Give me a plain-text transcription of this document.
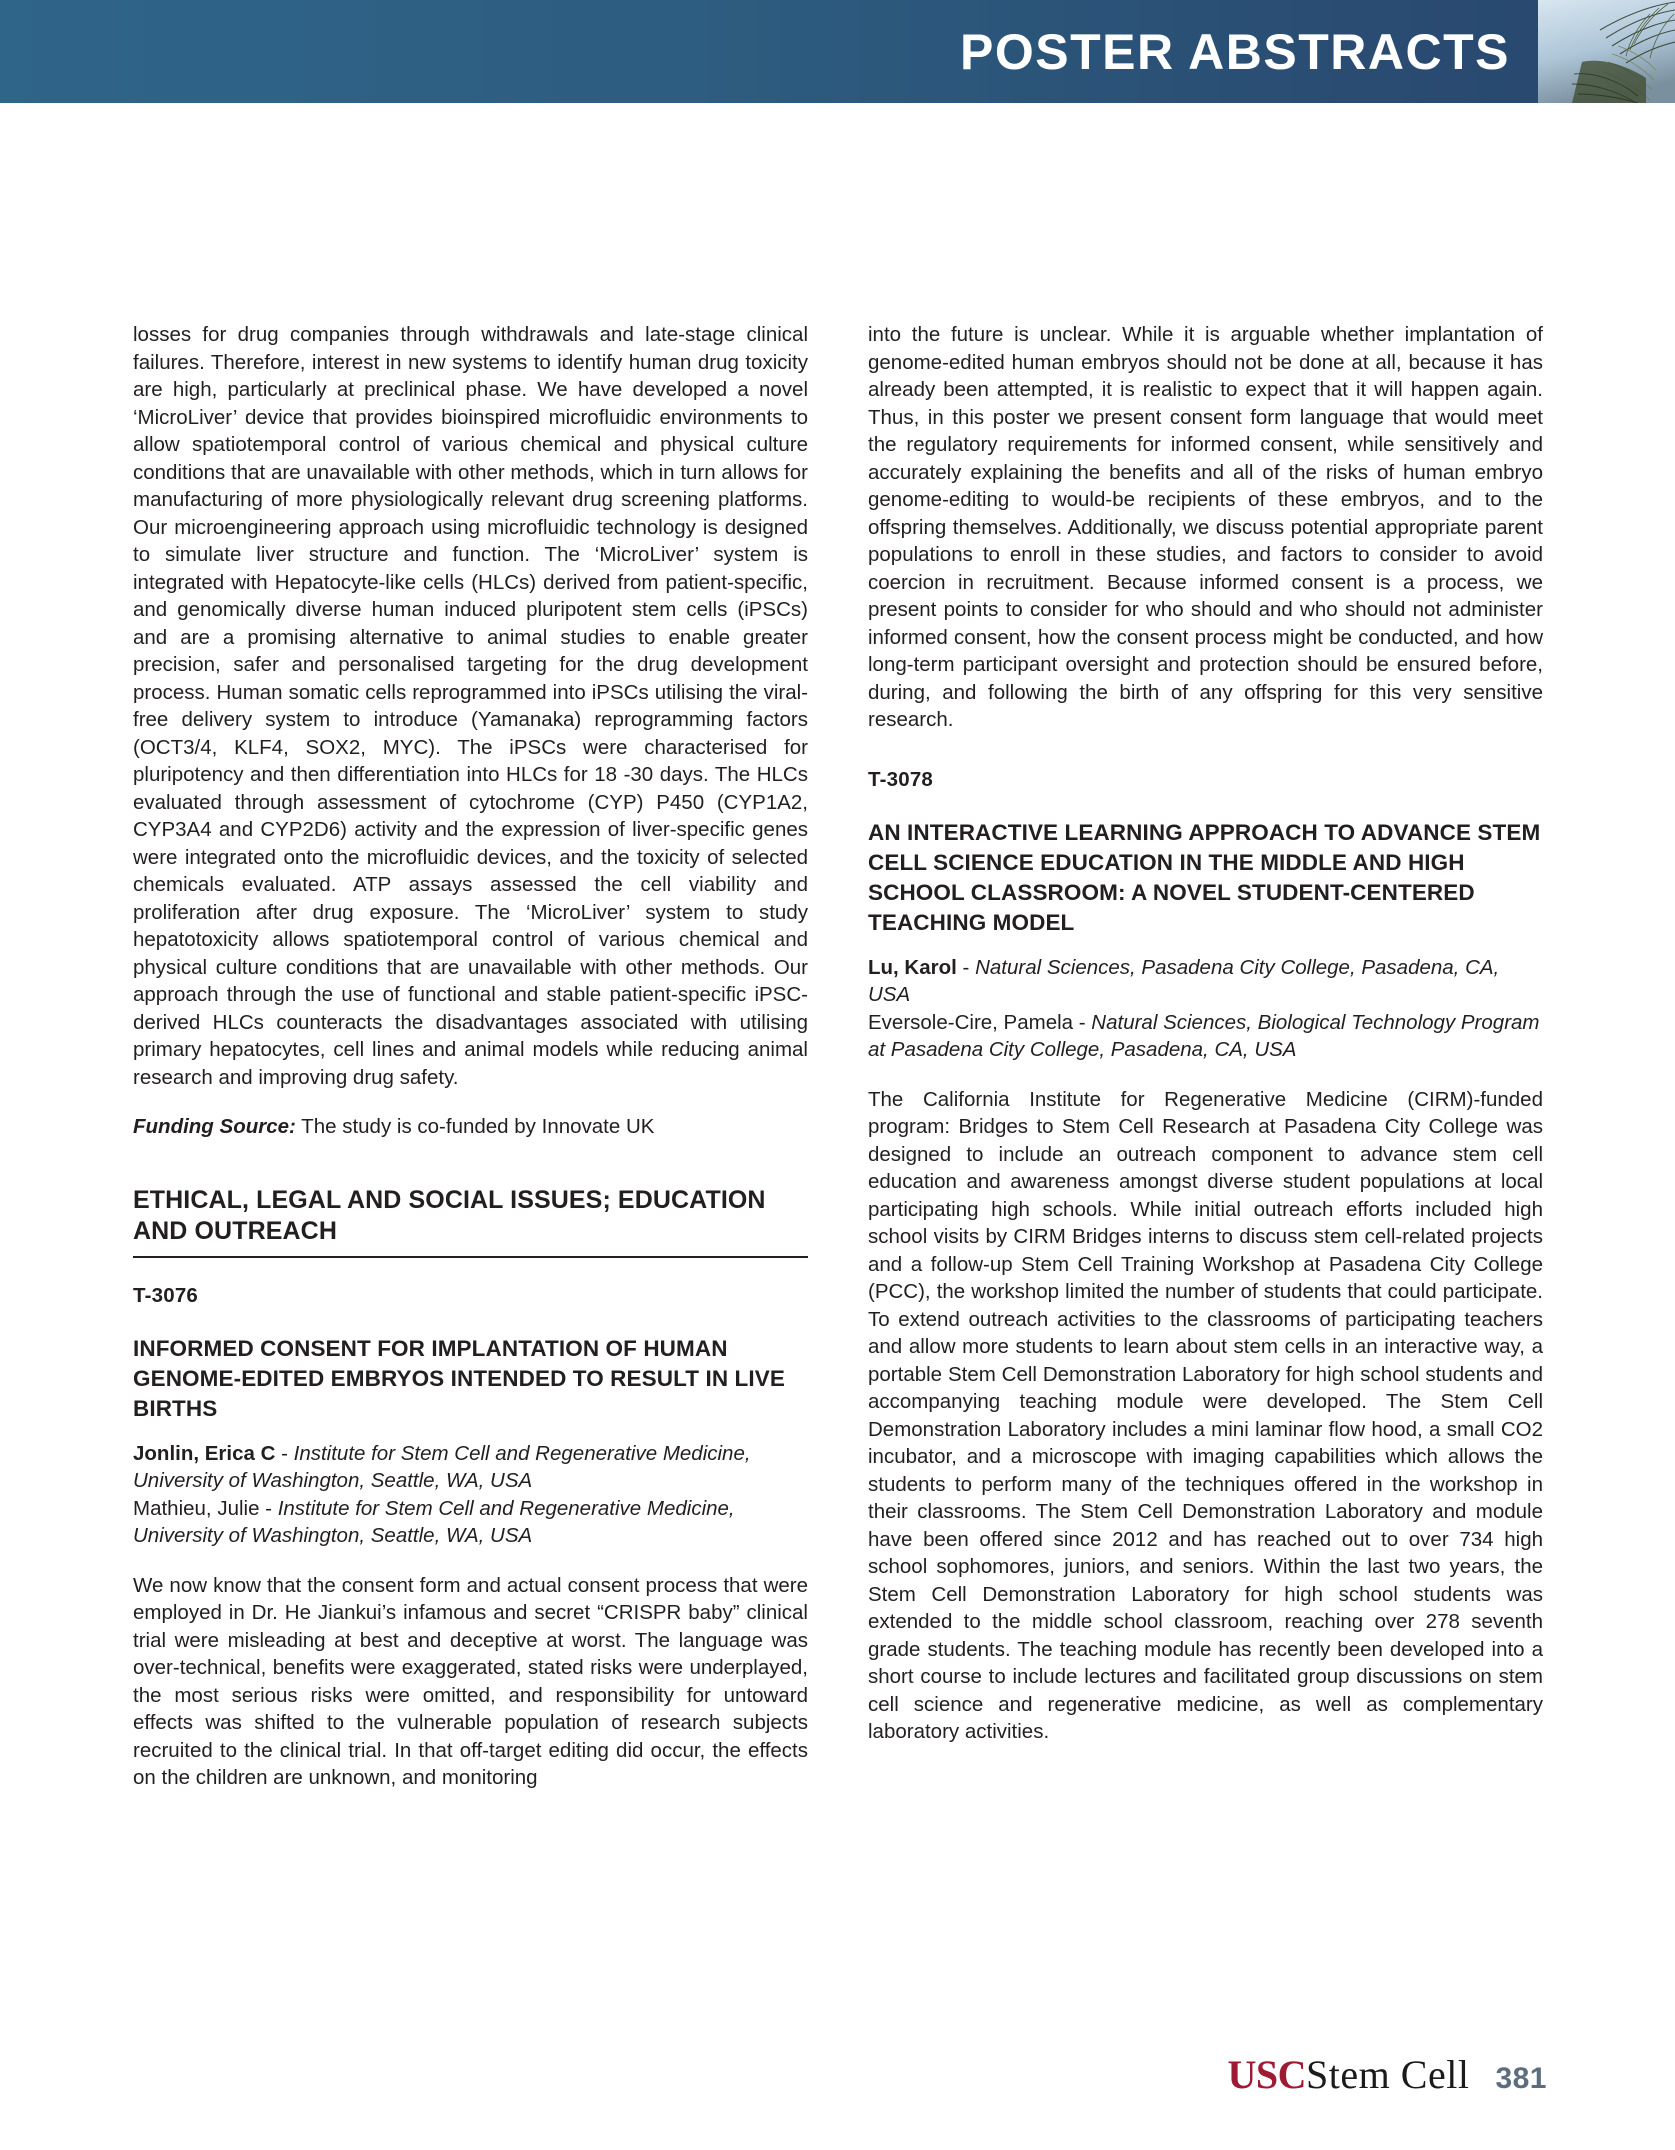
POSTER ABSTRACTS

losses for drug companies through withdrawals and late-stage clinical failures. Therefore, interest in new systems to identify human drug toxicity are high, particularly at preclinical phase. We have developed a novel ‘MicroLiver’ device that provides bioinspired microfluidic environments to allow spatiotemporal control of various chemical and physical culture conditions that are unavailable with other methods, which in turn allows for manufacturing of more physiologically relevant drug screening platforms. Our microengineering approach using microfluidic technology is designed to simulate liver structure and function. The ‘MicroLiver’ system is integrated with Hepatocyte-like cells (HLCs) derived from patient-specific, and genomically diverse human induced pluripotent stem cells (iPSCs) and are a promising alternative to animal studies to enable greater precision, safer and personalised targeting for the drug development process. Human somatic cells reprogrammed into iPSCs utilising the viral-free delivery system to introduce (Yamanaka) reprogramming factors (OCT3/4, KLF4, SOX2, MYC). The iPSCs were characterised for pluripotency and then differentiation into HLCs for 18 -30 days. The HLCs evaluated through assessment of cytochrome (CYP) P450 (CYP1A2, CYP3A4 and CYP2D6) activity and the expression of liver-specific genes were integrated onto the microfluidic devices, and the toxicity of selected chemicals evaluated. ATP assays assessed the cell viability and proliferation after drug exposure. The ‘MicroLiver’ system to study hepatotoxicity allows spatiotemporal control of various chemical and physical culture conditions that are unavailable with other methods. Our approach through the use of functional and stable patient-specific iPSC-derived HLCs counteracts the disadvantages associated with utilising primary hepatocytes, cell lines and animal models while reducing animal research and improving drug safety.

Funding Source: The study is co-funded by Innovate UK
ETHICAL, LEGAL AND SOCIAL ISSUES; EDUCATION AND OUTREACH
T-3076
INFORMED CONSENT FOR IMPLANTATION OF HUMAN GENOME-EDITED EMBRYOS INTENDED TO RESULT IN LIVE BIRTHS
Jonlin, Erica C - Institute for Stem Cell and Regenerative Medicine, University of Washington, Seattle, WA, USA
Mathieu, Julie - Institute for Stem Cell and Regenerative Medicine, University of Washington, Seattle, WA, USA

We now know that the consent form and actual consent process that were employed in Dr. He Jiankui’s infamous and secret “CRISPR baby” clinical trial were misleading at best and deceptive at worst. The language was over-technical, benefits were exaggerated, stated risks were underplayed, the most serious risks were omitted, and responsibility for untoward effects was shifted to the vulnerable population of research subjects recruited to the clinical trial. In that off-target editing did occur, the effects on the children are unknown, and monitoring

into the future is unclear. While it is arguable whether implantation of genome-edited human embryos should not be done at all, because it has already been attempted, it is realistic to expect that it will happen again. Thus, in this poster we present consent form language that would meet the regulatory requirements for informed consent, while sensitively and accurately explaining the benefits and all of the risks of human embryo genome-editing to would-be recipients of these embryos, and to the offspring themselves. Additionally, we discuss potential appropriate parent populations to enroll in these studies, and factors to consider to avoid coercion in recruitment. Because informed consent is a process, we present points to consider for who should and who should not administer informed consent, how the consent process might be conducted, and how long-term participant oversight and protection should be ensured before, during, and following the birth of any offspring for this very sensitive research.

T-3078
AN INTERACTIVE LEARNING APPROACH TO ADVANCE STEM CELL SCIENCE EDUCATION IN THE MIDDLE AND HIGH SCHOOL CLASSROOM: A NOVEL STUDENT-CENTERED TEACHING MODEL
Lu, Karol - Natural Sciences, Pasadena City College, Pasadena, CA, USA
Eversole-Cire, Pamela - Natural Sciences, Biological Technology Program at Pasadena City College, Pasadena, CA, USA

The California Institute for Regenerative Medicine (CIRM)-funded program: Bridges to Stem Cell Research at Pasadena City College was designed to include an outreach component to advance stem cell education and awareness amongst diverse student populations at local participating high schools. While initial outreach efforts included high school visits by CIRM Bridges interns to discuss stem cell-related projects and a follow-up Stem Cell Training Workshop at Pasadena City College (PCC), the workshop limited the number of students that could participate. To extend outreach activities to the classrooms of participating teachers and allow more students to learn about stem cells in an interactive way, a portable Stem Cell Demonstration Laboratory for high school students and accompanying teaching module were developed. The Stem Cell Demonstration Laboratory includes a mini laminar flow hood, a small CO2 incubator, and a microscope with imaging capabilities which allows the students to perform many of the techniques offered in the workshop in their classrooms. The Stem Cell Demonstration Laboratory and module have been offered since 2012 and has reached out to over 734 high school sophomores, juniors, and seniors. Within the last two years, the Stem Cell Demonstration Laboratory for high school students was extended to the middle school classroom, reaching over 278 seventh grade students. The teaching module has recently been developed into a short course to include lectures and facilitated group discussions on stem cell science and regenerative medicine, as well as complementary laboratory activities.

USCStem Cell 381
